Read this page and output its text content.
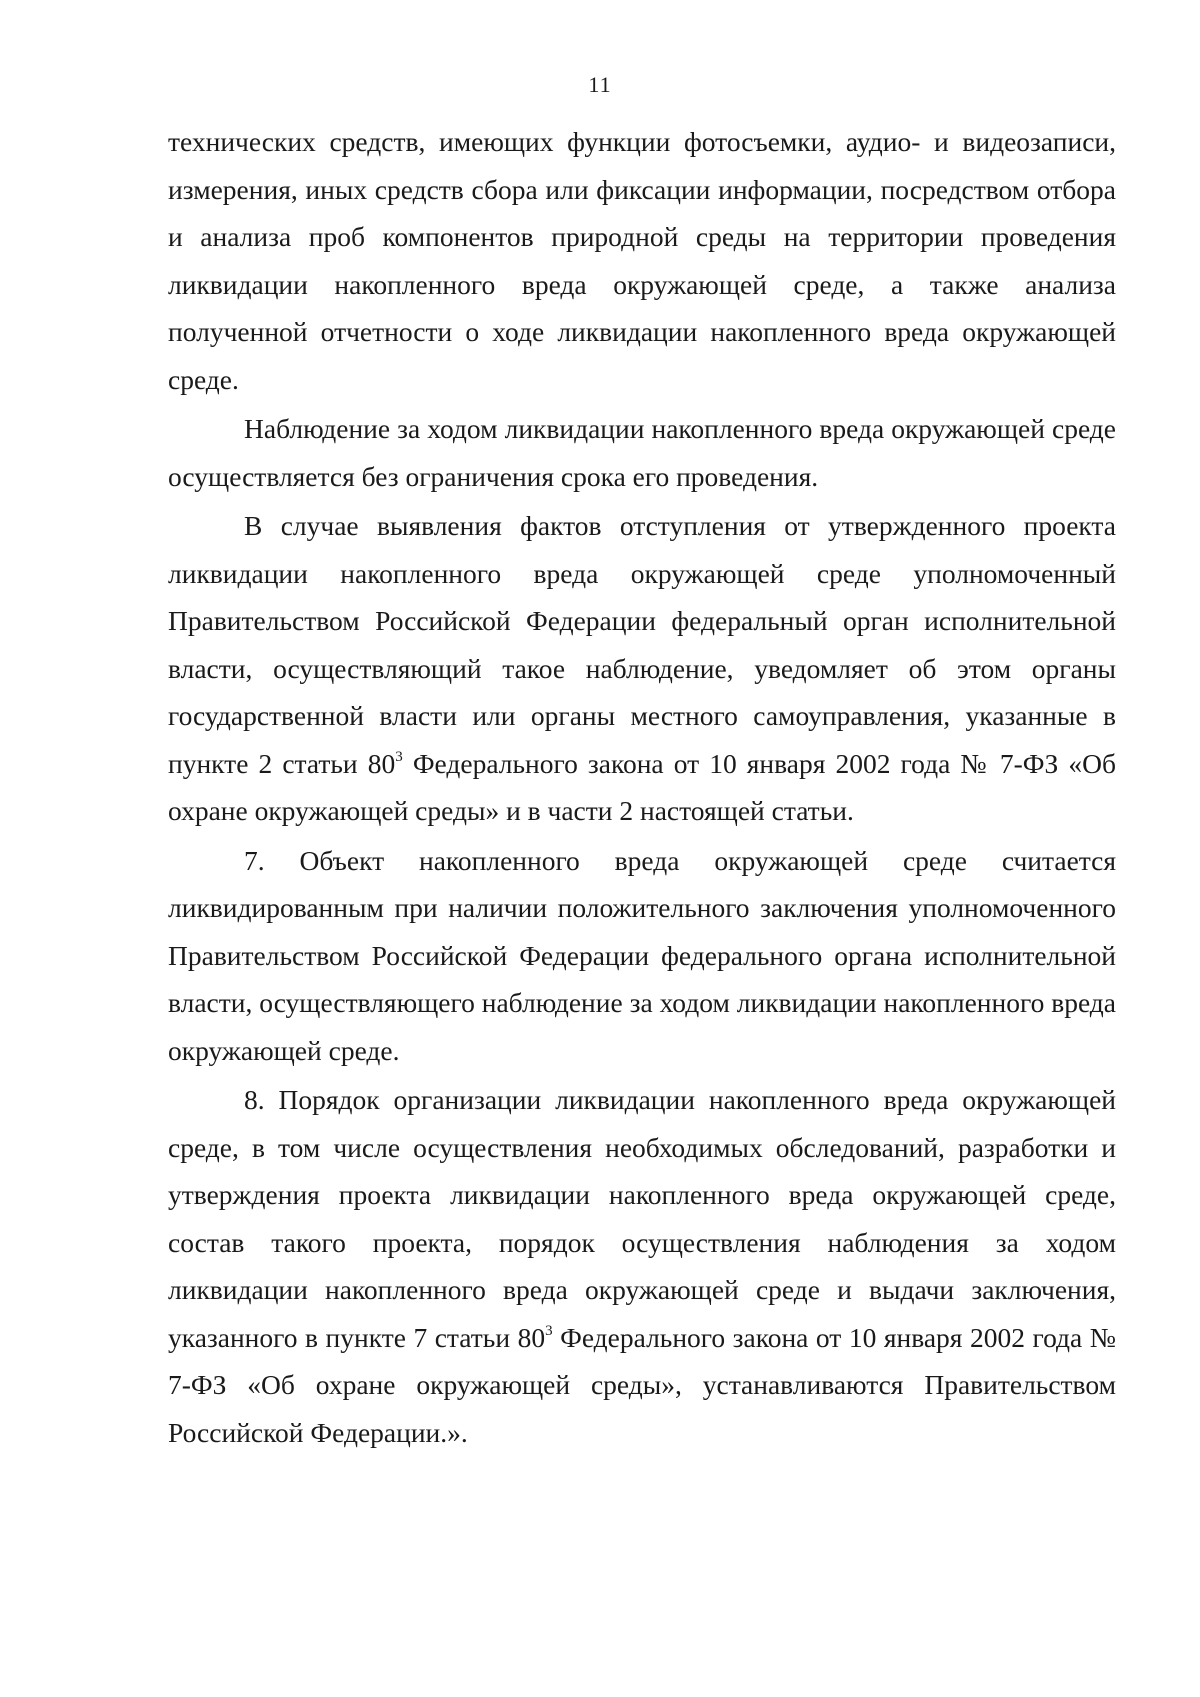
11

технических средств, имеющих функции фотосъемки, аудио- и видеозаписи, измерения, иных средств сбора или фиксации информации, посредством отбора и анализа проб компонентов природной среды на территории проведения ликвидации накопленного вреда окружающей среде, а также анализа полученной отчетности о ходе ликвидации накопленного вреда окружающей среде.

Наблюдение за ходом ликвидации накопленного вреда окружающей среде осуществляется без ограничения срока его проведения.

В случае выявления фактов отступления от утвержденного проекта ликвидации накопленного вреда окружающей среде уполномоченный Правительством Российской Федерации федеральный орган исполнительной власти, осуществляющий такое наблюдение, уведомляет об этом органы государственной власти или органы местного самоуправления, указанные в пункте 2 статьи $80^3$ Федерального закона от 10 января 2002 года № 7-ФЗ «Об охране окружающей среды» и в части 2 настоящей статьи.

7. Объект накопленного вреда окружающей среде считается ликвидированным при наличии положительного заключения уполномоченного Правительством Российской Федерации федерального органа исполнительной власти, осуществляющего наблюдение за ходом ликвидации накопленного вреда окружающей среде.

8. Порядок организации ликвидации накопленного вреда окружающей среде, в том числе осуществления необходимых обследований, разработки и утверждения проекта ликвидации накопленного вреда окружающей среде, состав такого проекта, порядок осуществления наблюдения за ходом ликвидации накопленного вреда окружающей среде и выдачи заключения, указанного в пункте 7 статьи $80^3$ Федерального закона от 10 января 2002 года № 7-ФЗ «Об охране окружающей среды», устанавливаются Правительством Российской Федерации.».
